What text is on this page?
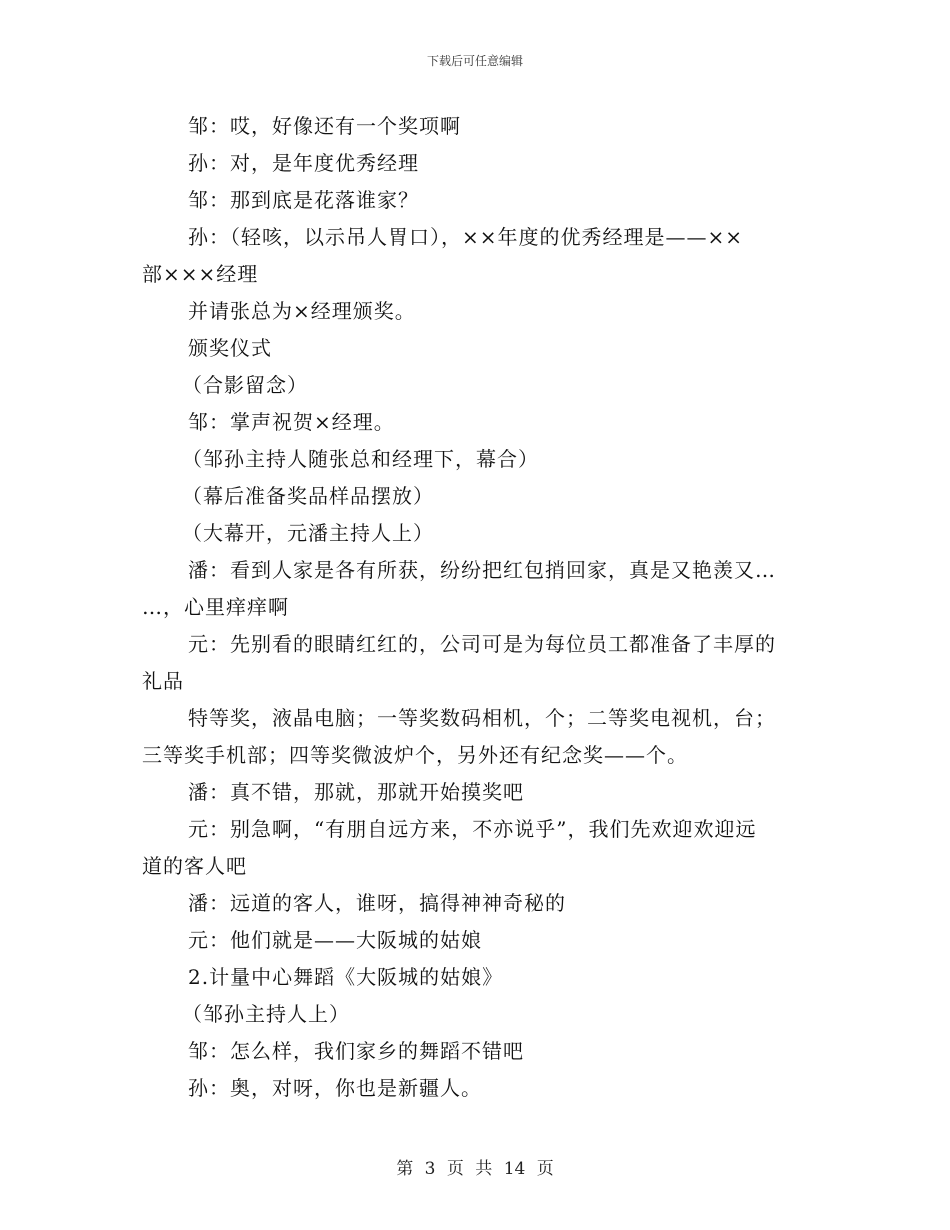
下载后可任意编辑
邹：哎，好像还有一个奖项啊
孙：对，是年度优秀经理
邹：那到底是花落谁家？
孙：（轻咳，以示吊人胃口），××年度的优秀经理是——××
部×××经理
并请张总为×经理颁奖。
颁奖仪式
（合影留念）
邹：掌声祝贺×经理。
（邹孙主持人随张总和经理下，幕合）
（幕后准备奖品样品摆放）
（大幕开，元潘主持人上）
潘：看到人家是各有所获，纷纷把红包捎回家，真是又艳羡又…
…，心里痒痒啊
元：先别看的眼睛红红的，公司可是为每位员工都准备了丰厚的
礼品
特等奖，液晶电脑；一等奖数码相机，个；二等奖电视机，台；
三等奖手机部；四等奖微波炉个，另外还有纪念奖——个。
潘：真不错，那就，那就开始摸奖吧
元：别急啊，“有朋自远方来，不亦说乎”，我们先欢迎欢迎远
道的客人吧
潘：远道的客人，谁呀，搞得神神奇秘的
元：他们就是——大阪城的姑娘
2.计量中心舞蹈《大阪城的姑娘》
（邹孙主持人上）
邹：怎么样，我们家乡的舞蹈不错吧
孙：奥，对呀，你也是新疆人。
第 3 页 共 14 页
